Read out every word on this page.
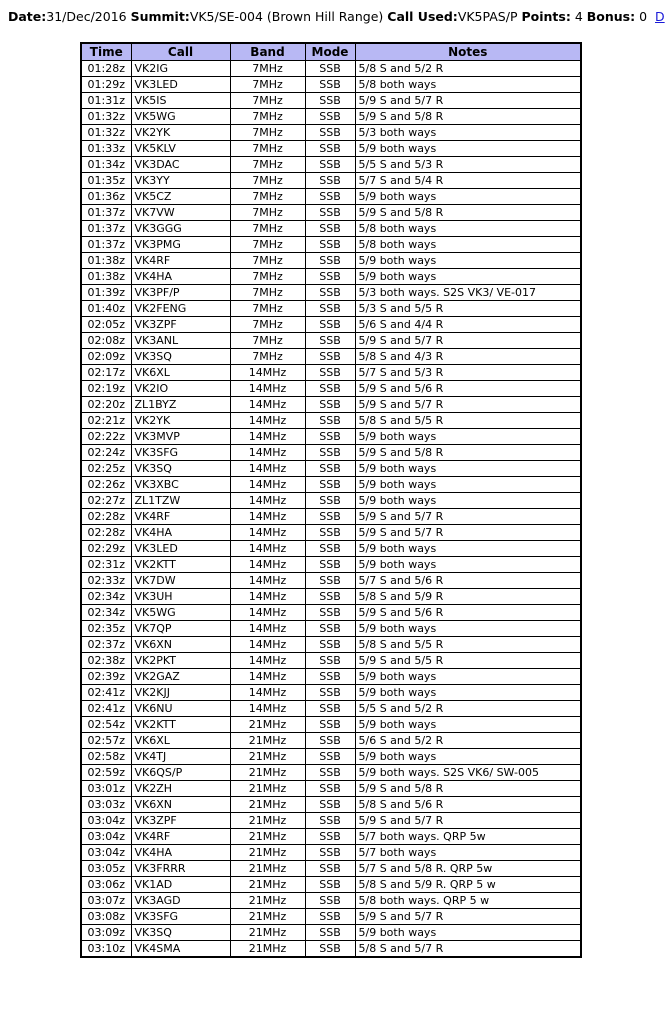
Date:31/Dec/2016 Summit:VK5/SE-004 (Brown Hill Range) Call Used:VK5PAS/P Points: 4 Bonus: 0 D
Time	Call	Band	Mode	Notes
01:28z	VK2IG	7MHz	SSB	5/8 S and 5/2 R
01:29z	VK3LED	7MHz	SSB	5/8 both ways
01:31z	VK5IS	7MHz	SSB	5/9 S and 5/7 R
01:32z	VK5WG	7MHz	SSB	5/9 S and 5/8 R
01:32z	VK2YK	7MHz	SSB	5/3 both ways
01:33z	VK5KLV	7MHz	SSB	5/9 both ways
01:34z	VK3DAC	7MHz	SSB	5/5 S and 5/3 R
01:35z	VK3YY	7MHz	SSB	5/7 S and 5/4 R
01:36z	VK5CZ	7MHz	SSB	5/9 both ways
01:37z	VK7VW	7MHz	SSB	5/9 S and 5/8 R
01:37z	VK3GGG	7MHz	SSB	5/8 both ways
01:37z	VK3PMG	7MHz	SSB	5/8 both ways
01:38z	VK4RF	7MHz	SSB	5/9 both ways
01:38z	VK4HA	7MHz	SSB	5/9 both ways
01:39z	VK3PF/P	7MHz	SSB	5/3 both ways. S2S VK3/ VE-017
01:40z	VK2FENG	7MHz	SSB	5/3 S and 5/5 R
02:05z	VK3ZPF	7MHz	SSB	5/6 S and 4/4 R
02:08z	VK3ANL	7MHz	SSB	5/9 S and 5/7 R
02:09z	VK3SQ	7MHz	SSB	5/8 S and 4/3 R
02:17z	VK6XL	14MHz	SSB	5/7 S and 5/3 R
02:19z	VK2IO	14MHz	SSB	5/9 S and 5/6 R
02:20z	ZL1BYZ	14MHz	SSB	5/9 S and 5/7 R
02:21z	VK2YK	14MHz	SSB	5/8 S and 5/5 R
02:22z	VK3MVP	14MHz	SSB	5/9 both ways
02:24z	VK3SFG	14MHz	SSB	5/9 S and 5/8 R
02:25z	VK3SQ	14MHz	SSB	5/9 both ways
02:26z	VK3XBC	14MHz	SSB	5/9 both ways
02:27z	ZL1TZW	14MHz	SSB	5/9 both ways
02:28z	VK4RF	14MHz	SSB	5/9 S and 5/7 R
02:28z	VK4HA	14MHz	SSB	5/9 S and 5/7 R
02:29z	VK3LED	14MHz	SSB	5/9 both ways
02:31z	VK2KTT	14MHz	SSB	5/9 both ways
02:33z	VK7DW	14MHz	SSB	5/7 S and 5/6 R
02:34z	VK3UH	14MHz	SSB	5/8 S and 5/9 R
02:34z	VK5WG	14MHz	SSB	5/9 S and 5/6 R
02:35z	VK7QP	14MHz	SSB	5/9 both ways
02:37z	VK6XN	14MHz	SSB	5/8 S and 5/5 R
02:38z	VK2PKT	14MHz	SSB	5/9 S and 5/5 R
02:39z	VK2GAZ	14MHz	SSB	5/9 both ways
02:41z	VK2KJJ	14MHz	SSB	5/9 both ways
02:41z	VK6NU	14MHz	SSB	5/5 S and 5/2 R
02:54z	VK2KTT	21MHz	SSB	5/9 both ways
02:57z	VK6XL	21MHz	SSB	5/6 S and 5/2 R
02:58z	VK4TJ	21MHz	SSB	5/9 both ways
02:59z	VK6QS/P	21MHz	SSB	5/9 both ways. S2S VK6/ SW-005
03:01z	VK2ZH	21MHz	SSB	5/9 S and 5/8 R
03:03z	VK6XN	21MHz	SSB	5/8 S and 5/6 R
03:04z	VK3ZPF	21MHz	SSB	5/9 S and 5/7 R
03:04z	VK4RF	21MHz	SSB	5/7 both ways. QRP 5w
03:04z	VK4HA	21MHz	SSB	5/7 both ways
03:05z	VK3FRRR	21MHz	SSB	5/7 S and 5/8 R. QRP 5w
03:06z	VK1AD	21MHz	SSB	5/8 S and 5/9 R. QRP 5 w
03:07z	VK3AGD	21MHz	SSB	5/8 both ways. QRP 5 w
03:08z	VK3SFG	21MHz	SSB	5/9 S and 5/7 R
03:09z	VK3SQ	21MHz	SSB	5/9 both ways
03:10z	VK4SMA	21MHz	SSB	5/8 S and 5/7 R
